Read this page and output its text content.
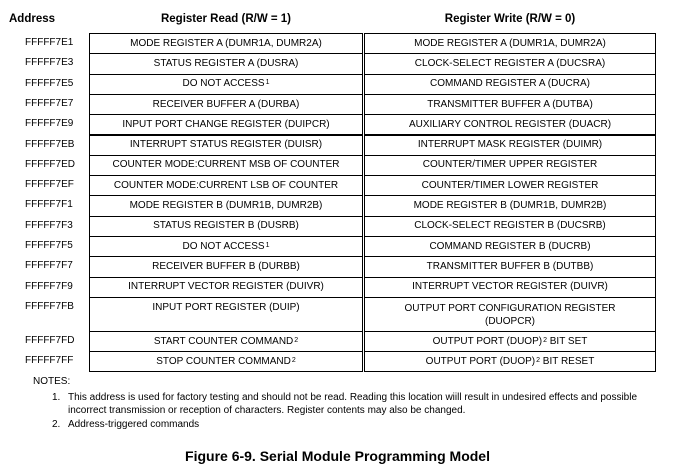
Address	Register Read (R/W = 1)	Register Write (R/W = 0)
FFFFF7E1	MODE REGISTER A (DUMR1A, DUMR2A)	MODE REGISTER A (DUMR1A, DUMR2A)
FFFFF7E3	STATUS REGISTER A (DUSRA)	CLOCK-SELECT REGISTER A (DUCSRA)
FFFFF7E5	DO NOT ACCESS$^1$	COMMAND REGISTER A (DUCRA)
FFFFF7E7	RECEIVER BUFFER A (DURBA)	TRANSMITTER BUFFER A (DUTBA)
FFFFF7E9	INPUT PORT CHANGE REGISTER (DUIPCR)	AUXILIARY CONTROL REGISTER (DUACR)
FFFFF7EB	INTERRUPT STATUS REGISTER (DUISR)	INTERRUPT MASK REGISTER (DUIMR)
FFFFF7ED	COUNTER MODE:CURRENT MSB OF COUNTER	COUNTER/TIMER UPPER REGISTER
FFFFF7EF	COUNTER MODE:CURRENT LSB OF COUNTER	COUNTER/TIMER LOWER REGISTER
FFFFF7F1	MODE REGISTER B (DUMR1B, DUMR2B)	MODE REGISTER B (DUMR1B, DUMR2B)
FFFFF7F3	STATUS REGISTER B (DUSRB)	CLOCK-SELECT REGISTER B (DUCSRB)
FFFFF7F5	DO NOT ACCESS$^1$	COMMAND REGISTER B (DUCRB)
FFFFF7F7	RECEIVER BUFFER B (DURBB)	TRANSMITTER BUFFER B (DUTBB)
FFFFF7F9	INTERRUPT VECTOR REGISTER (DUIVR)	INTERRUPT VECTOR REGISTER (DUIVR)
FFFFF7FB	INPUT PORT REGISTER (DUIP)	OUTPUT PORT CONFIGURATION REGISTER (DUOPCR)
FFFFF7FD	START COUNTER COMMAND$^2$	OUTPUT PORT (DUOP)$^2$ BIT SET
FFFFF7FF	STOP COUNTER COMMAND$^2$	OUTPUT PORT (DUOP)$^2$ BIT RESET
NOTES:
1. This address is used for factory testing and should not be read. Reading this location wiill result in undesired effects and possible incorrect transmission or reception of characters. Register contents may also be changed.
2. Address-triggered commands
Figure 6-9. Serial Module Programming Model
